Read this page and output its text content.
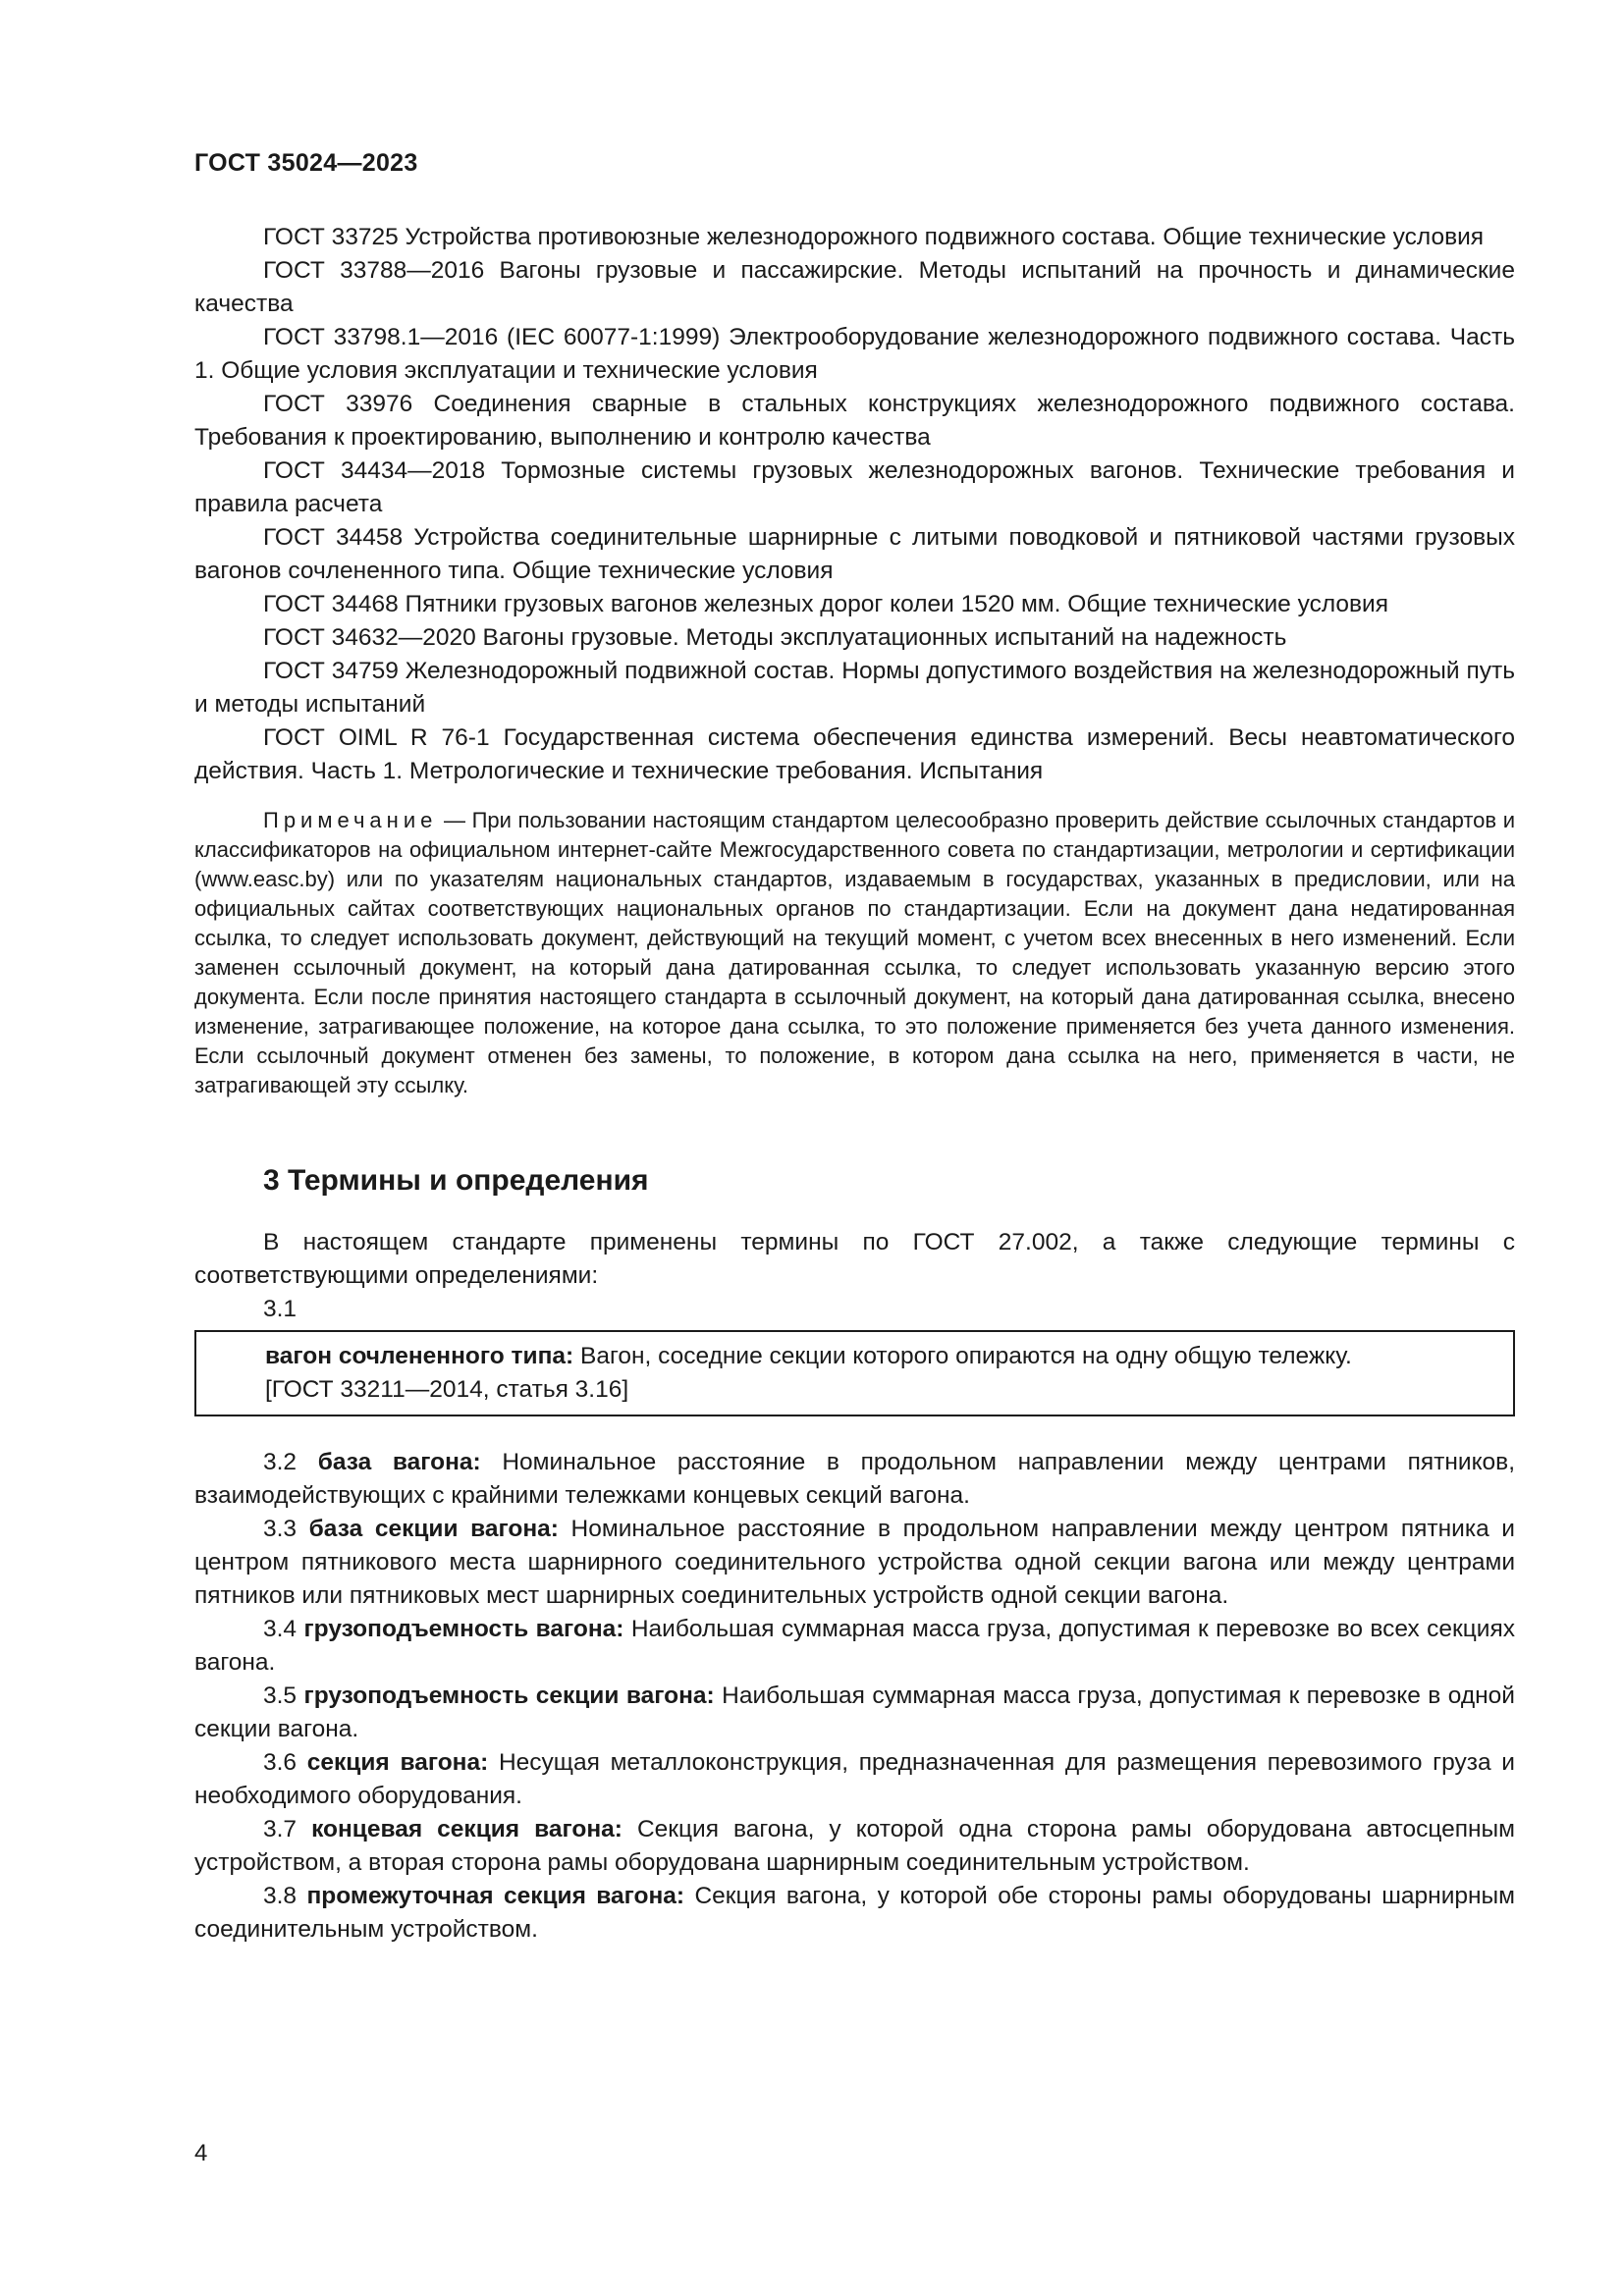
ГОСТ 35024—2023

ГОСТ 33725 Устройства противоюзные железнодорожного подвижного состава. Общие технические условия

ГОСТ 33788—2016 Вагоны грузовые и пассажирские. Методы испытаний на прочность и динамические качества

ГОСТ 33798.1—2016 (IEC 60077-1:1999) Электрооборудование железнодорожного подвижного состава. Часть 1. Общие условия эксплуатации и технические условия

ГОСТ 33976 Соединения сварные в стальных конструкциях железнодорожного подвижного состава. Требования к проектированию, выполнению и контролю качества

ГОСТ 34434—2018 Тормозные системы грузовых железнодорожных вагонов. Технические требования и правила расчета

ГОСТ 34458 Устройства соединительные шарнирные с литыми поводковой и пятниковой частями грузовых вагонов сочлененного типа. Общие технические условия

ГОСТ 34468 Пятники грузовых вагонов железных дорог колеи 1520 мм. Общие технические условия

ГОСТ 34632—2020 Вагоны грузовые. Методы эксплуатационных испытаний на надежность

ГОСТ 34759 Железнодорожный подвижной состав. Нормы допустимого воздействия на железнодорожный путь и методы испытаний

ГОСТ OIML R 76-1 Государственная система обеспечения единства измерений. Весы неавтоматического действия. Часть 1. Метрологические и технические требования. Испытания

Примечание — При пользовании настоящим стандартом целесообразно проверить действие ссылочных стандартов и классификаторов на официальном интернет-сайте Межгосударственного совета по стандартизации, метрологии и сертификации (www.easc.by) или по указателям национальных стандартов, издаваемым в государствах, указанных в предисловии, или на официальных сайтах соответствующих национальных органов по стандартизации. Если на документ дана недатированная ссылка, то следует использовать документ, действующий на текущий момент, с учетом всех внесенных в него изменений. Если заменен ссылочный документ, на который дана датированная ссылка, то следует использовать указанную версию этого документа. Если после принятия настоящего стандарта в ссылочный документ, на который дана датированная ссылка, внесено изменение, затрагивающее положение, на которое дана ссылка, то это положение применяется без учета данного изменения. Если ссылочный документ отменен без замены, то положение, в котором дана ссылка на него, применяется в части, не затрагивающей эту ссылку.

3 Термины и определения

В настоящем стандарте применены термины по ГОСТ 27.002, а также следующие термины с соответствующими определениями:

3.1

вагон сочлененного типа: Вагон, соседние секции которого опираются на одну общую тележку.

[ГОСТ 33211—2014, статья 3.16]

3.2 база вагона: Номинальное расстояние в продольном направлении между центрами пятников, взаимодействующих с крайними тележками концевых секций вагона.

3.3 база секции вагона: Номинальное расстояние в продольном направлении между центром пятника и центром пятникового места шарнирного соединительного устройства одной секции вагона или между центрами пятников или пятниковых мест шарнирных соединительных устройств одной секции вагона.

3.4 грузоподъемность вагона: Наибольшая суммарная масса груза, допустимая к перевозке во всех секциях вагона.

3.5 грузоподъемность секции вагона: Наибольшая суммарная масса груза, допустимая к перевозке в одной секции вагона.

3.6 секция вагона: Несущая металлоконструкция, предназначенная для размещения перевозимого груза и необходимого оборудования.

3.7 концевая секция вагона: Секция вагона, у которой одна сторона рамы оборудована автосцепным устройством, а вторая сторона рамы оборудована шарнирным соединительным устройством.

3.8 промежуточная секция вагона: Секция вагона, у которой обе стороны рамы оборудованы шарнирным соединительным устройством.

4
